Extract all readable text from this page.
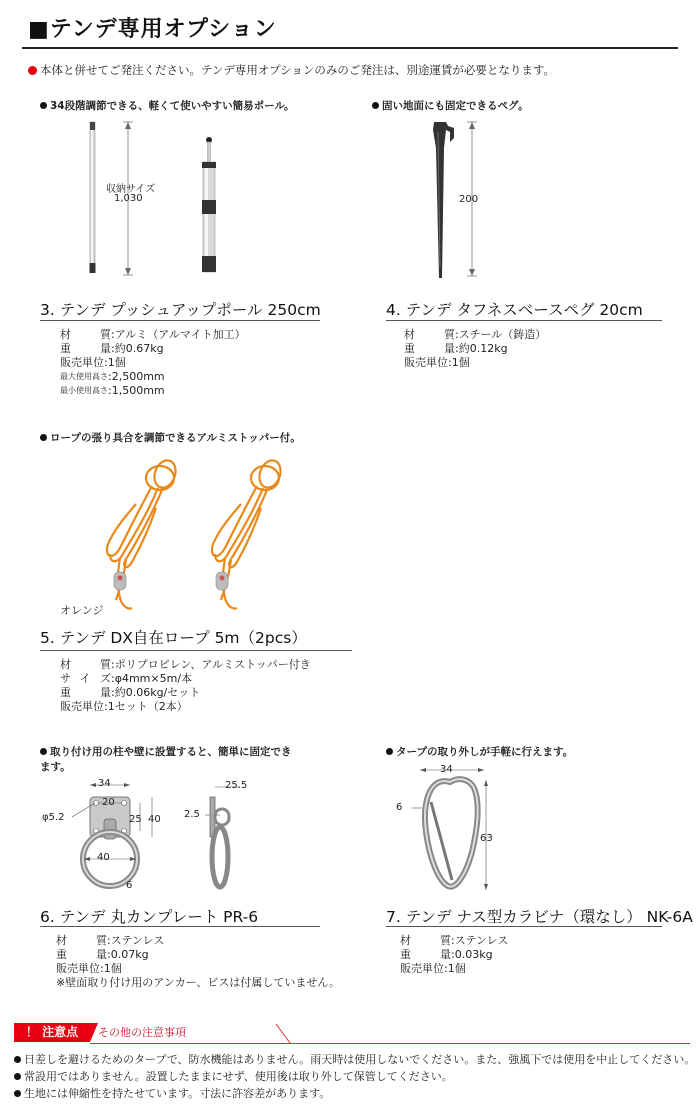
■テンデ専用オプション
本体と併せてご発注ください。テンデ専用オプションのみのご発注は、別途運賃が必要となります。
34段階調節できる、軽くて使いやすい簡易ポール。
収納サイズ
1,030
3. テンデ プッシュアップポール 250cm
材質 :アルミ（アルマイト加工）
重量 :約0.67kg
販売単位 :1個
最大使用高さ :2,500mm
最小使用高さ :1,500mm
固い地面にも固定できるペグ。
200
4. テンデ タフネスベースペグ 20cm
材質 :スチール（鋳造）
重量 :約0.12kg
販売単位 :1個
ロープの張り具合を調節できるアルミストッパー付。
オレンジ
5. テンデ DX自在ロープ 5m（2pcs）
材質 :ポリプロピレン、アルミストッパー付き
サイズ :φ4mm×5m/本
重量 :約0.06kg/セット
販売単位 :1セット（2本）
取り付け用の柱や壁に設置すると、簡単に固定でき
ます。
34
20
φ5.2	25 40
40
6
25.5
2.5
6. テンデ 丸カンプレート PR-6
材質 :ステンレス
重量 :0.07kg
販売単位 :1個
※壁面取り付け用のアンカー、ビスは付属していません。
タープの取り外しが手軽に行えます。
34
6
63
7. テンデ ナス型カラビナ（環なし） NK-6A
材質 :ステンレス
重量 :0.03kg
販売単位 :1個
！ 注意点	その他の注意事項
日差しを避けるためのタープで、防水機能はありません。雨天時は使用しないでください。また、強風下では使用を中止してください。
常設用ではありません。設置したままにせず、使用後は取り外して保管してください。
生地には伸縮性を持たせています。寸法に許容差があります。
